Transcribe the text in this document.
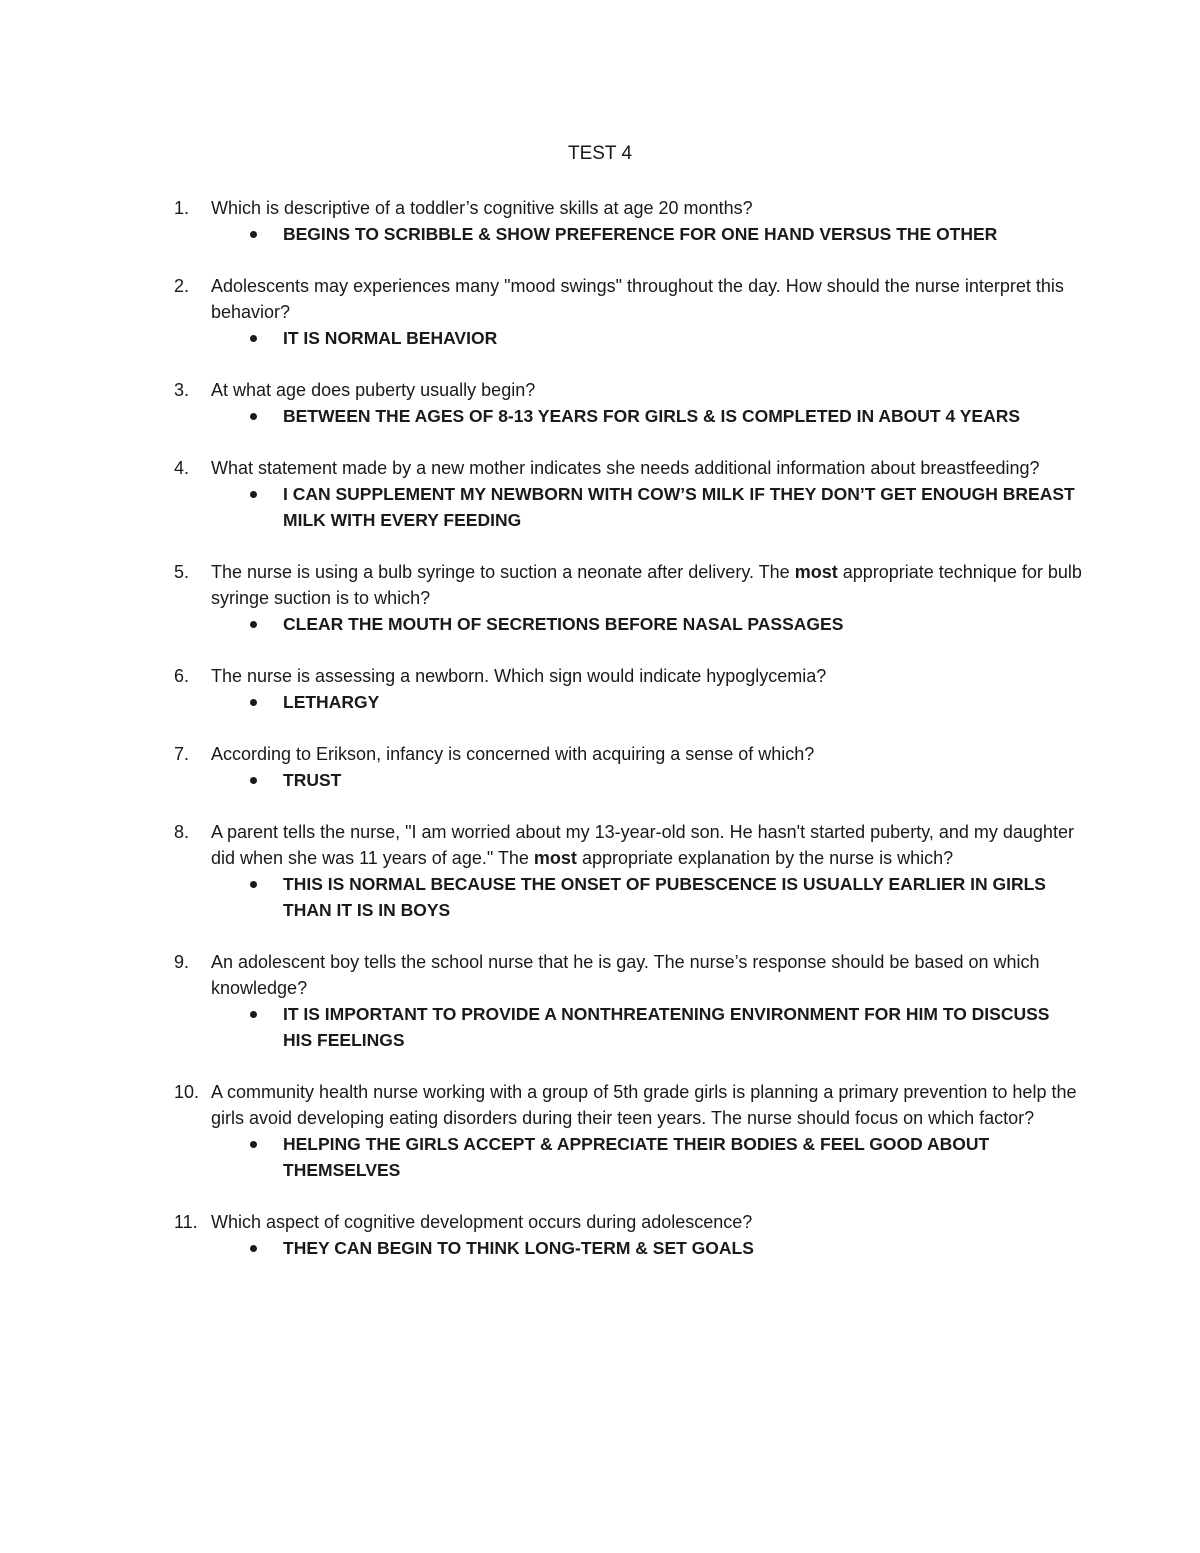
TEST 4
1.	Which is descriptive of a toddler’s cognitive skills at age 20 months?
BEGINS TO SCRIBBLE & SHOW PREFERENCE FOR ONE HAND VERSUS THE OTHER
2.	Adolescents may experiences many "mood swings" throughout the day. How should the nurse interpret this behavior?
IT IS NORMAL BEHAVIOR
3.	At what age does puberty usually begin?
BETWEEN THE AGES OF 8-13 YEARS FOR GIRLS & IS COMPLETED IN ABOUT 4 YEARS
4.	What statement made by a new mother indicates she needs additional information about breastfeeding?
I CAN SUPPLEMENT MY NEWBORN WITH COW’S MILK IF THEY DON’T GET ENOUGH BREAST MILK WITH EVERY FEEDING
5.	The nurse is using a bulb syringe to suction a neonate after delivery. The most appropriate technique for bulb syringe suction is to which?
CLEAR THE MOUTH OF SECRETIONS BEFORE NASAL PASSAGES
6.	The nurse is assessing a newborn. Which sign would indicate hypoglycemia?
LETHARGY
7.	According to Erikson, infancy is concerned with acquiring a sense of which?
TRUST
8.	A parent tells the nurse, "I am worried about my 13-year-old son. He hasn't started puberty, and my daughter did when she was 11 years of age." The most appropriate explanation by the nurse is which?
THIS IS NORMAL BECAUSE THE ONSET OF PUBESCENCE IS USUALLY EARLIER IN GIRLS THAN IT IS IN BOYS
9.	An adolescent boy tells the school nurse that he is gay. The nurse’s response should be based on which knowledge?
IT IS IMPORTANT TO PROVIDE A NONTHREATENING ENVIRONMENT FOR HIM TO DISCUSS HIS FEELINGS
10. A community health nurse working with a group of 5th grade girls is planning a primary prevention to help the girls avoid developing eating disorders during their teen years. The nurse should focus on which factor?
HELPING THE GIRLS ACCEPT & APPRECIATE THEIR BODIES & FEEL GOOD ABOUT THEMSELVES
11. Which aspect of cognitive development occurs during adolescence?
THEY CAN BEGIN TO THINK LONG-TERM & SET GOALS
